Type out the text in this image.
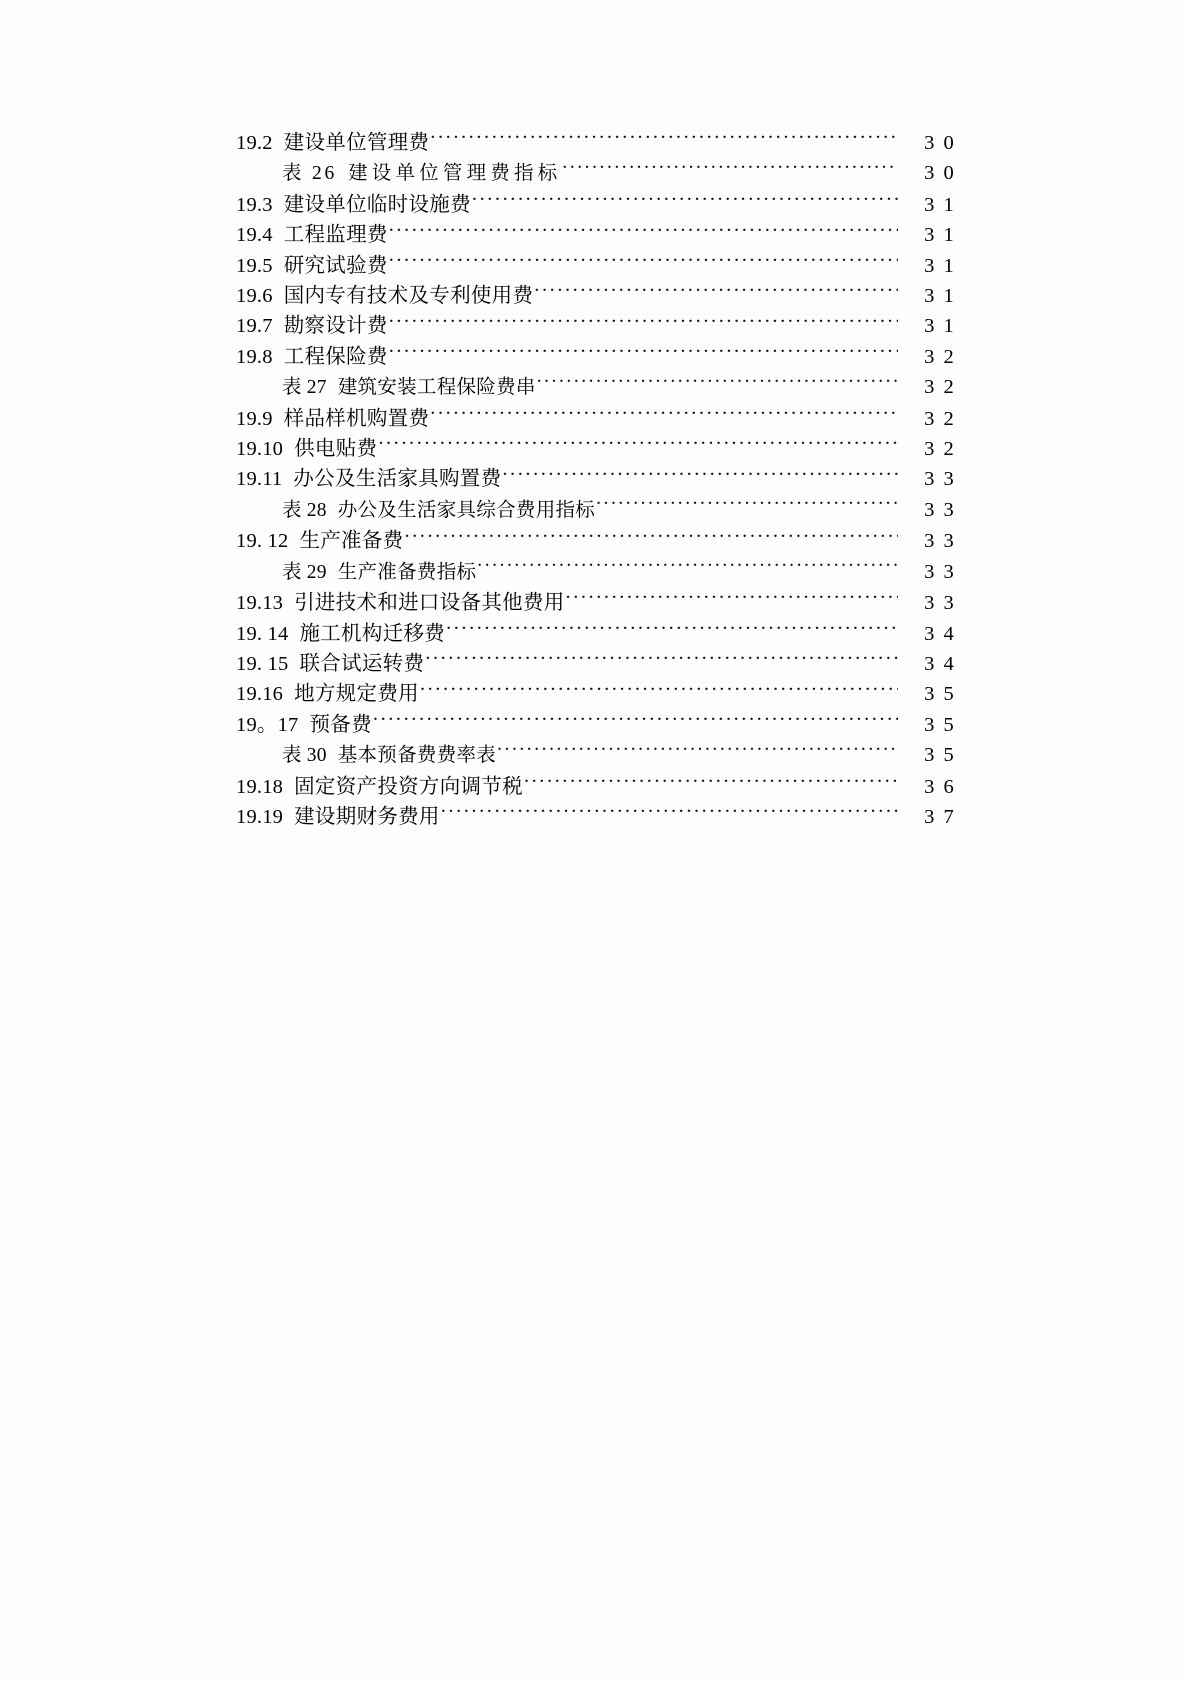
19.2 建设单位管理费 .....	3 0
表 26 建设单位管理费指标 .....	3 0
19.3 建设单位临时设施费 .....	3 1
19.4 工程监理费 .....	3 1
19.5 研究试验费 .....	3 1
19.6 国内专有技术及专利使用费 .....	3 1
19.7 勘察设计费 .....	3 1
19.8 工程保险费 .....	3 2
表 27 建筑安装工程保险费串 .....	3 2
19.9 样品样机购置费 .....	3 2
19.10 供电贴费 .....	3 2
19.11 办公及生活家具购置费 .....	3 3
表 28 办公及生活家具综合费用指标 .....	3 3
19. 12 生产准备费 .....	3 3
表 29 生产准备费指标 .....	3 3
19.13 引进技术和进口设备其他费用 .....	3 3
19. 14 施工机构迁移费 .....	3 4
19. 15 联合试运转费 .....	3 4
19.16 地方规定费用 .....	3 5
19。17 预备费 .....	3 5
表 30 基本预备费费率表 .....	3 5
19.18 固定资产投资方向调节税 .....	3 6
19.19 建设期财务费用 .....	3 7
